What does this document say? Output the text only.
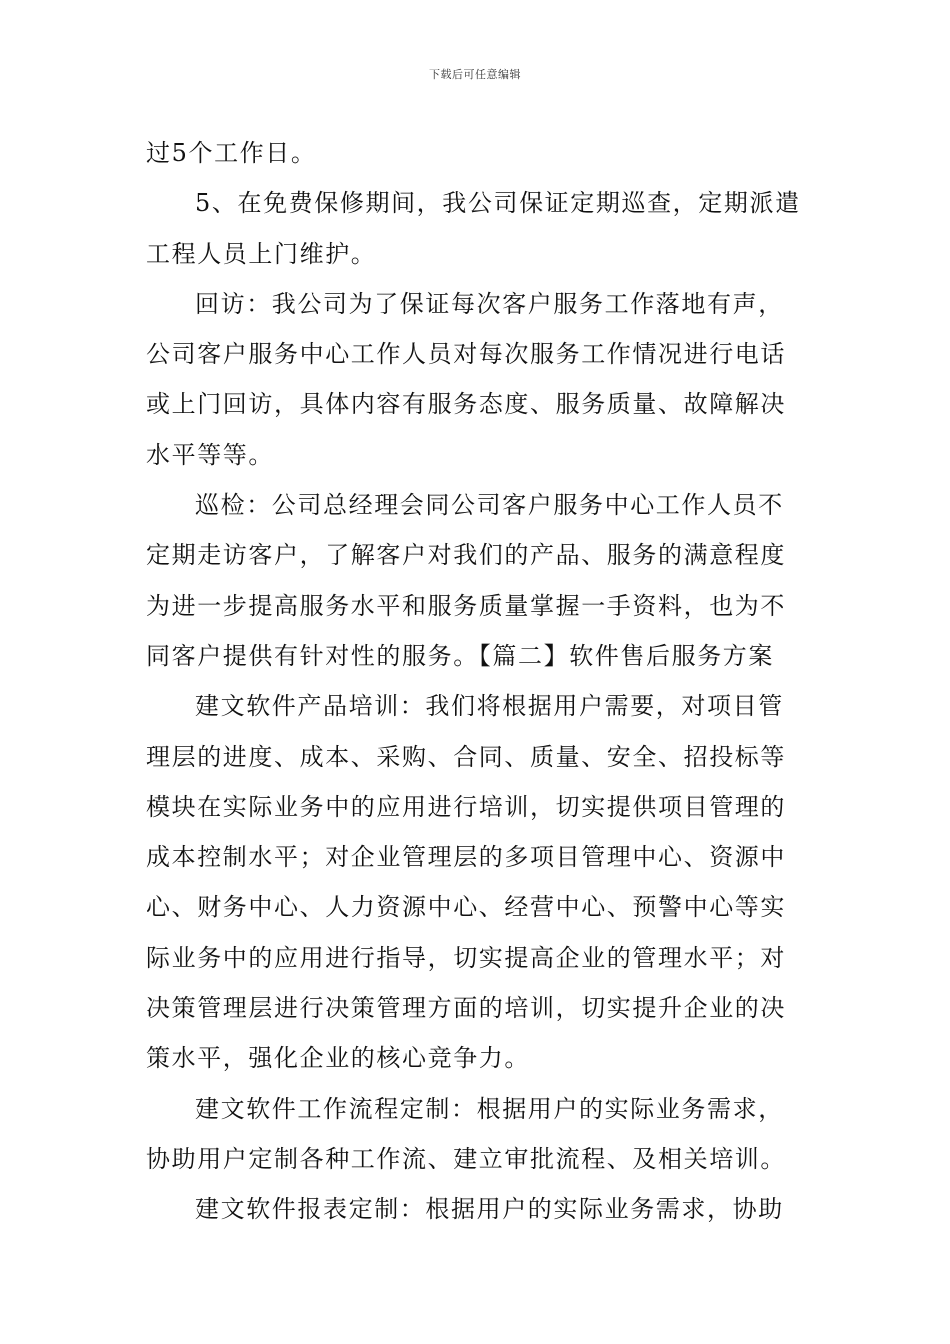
下载后可任意编辑
过5个工作日。
5、在免费保修期间，我公司保证定期巡查，定期派遣
工程人员上门维护。
回访：我公司为了保证每次客户服务工作落地有声，
公司客户服务中心工作人员对每次服务工作情况进行电话
或上门回访，具体内容有服务态度、服务质量、故障解决
水平等等。
巡检：公司总经理会同公司客户服务中心工作人员不
定期走访客户，了解客户对我们的产品、服务的满意程度
为进一步提高服务水平和服务质量掌握一手资料，也为不
同客户提供有针对性的服务。【篇二】软件售后服务方案
建文软件产品培训：我们将根据用户需要，对项目管
理层的进度、成本、采购、合同、质量、安全、招投标等
模块在实际业务中的应用进行培训，切实提供项目管理的
成本控制水平；对企业管理层的多项目管理中心、资源中
心、财务中心、人力资源中心、经营中心、预警中心等实
际业务中的应用进行指导，切实提高企业的管理水平；对
决策管理层进行决策管理方面的培训，切实提升企业的决
策水平，强化企业的核心竞争力。
建文软件工作流程定制：根据用户的实际业务需求，
协助用户定制各种工作流、建立审批流程、及相关培训。
建文软件报表定制：根据用户的实际业务需求，协助
